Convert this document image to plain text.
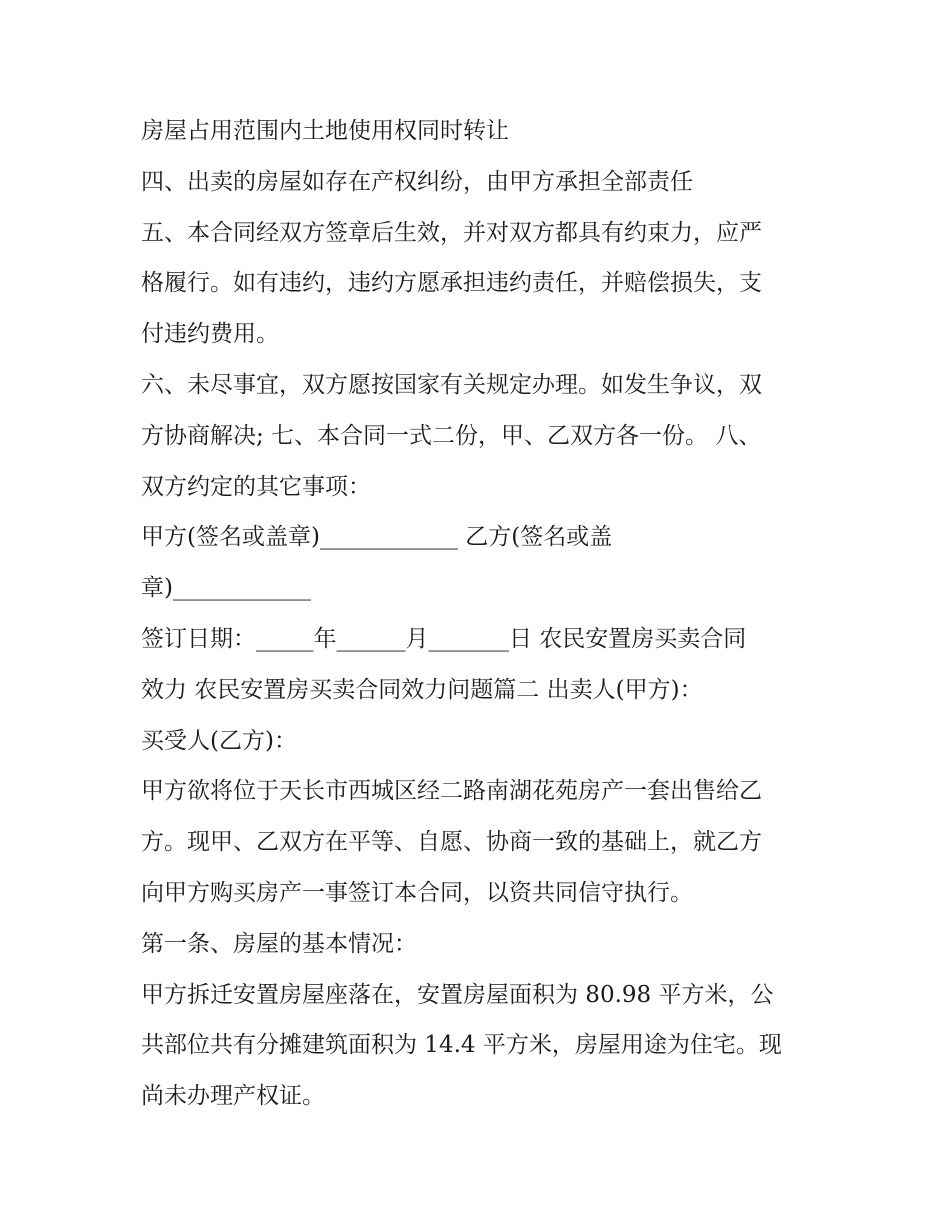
房屋占用范围内土地使用权同时转让
四、出卖的房屋如存在产权纠纷，由甲方承担全部责任
五、本合同经双方签章后生效，并对双方都具有约束力，应严
格履行。如有违约，违约方愿承担违约责任，并赔偿损失，支
付违约费用。
六、未尽事宜，双方愿按国家有关规定办理。如发生争议，双
方协商解决; 七、本合同一式二份，甲、乙双方各一份。 八、
双方约定的其它事项：
甲方(签名或盖章)____________ 乙方(签名或盖
章)____________
签订日期：_____年______月_______日 农民安置房买卖合同
效力 农民安置房买卖合同效力问题篇二 出卖人(甲方)：
买受人(乙方)：
甲方欲将位于天长市西城区经二路南湖花苑房产一套出售给乙
方。现甲、乙双方在平等、自愿、协商一致的基础上，就乙方
向甲方购买房产一事签订本合同，以资共同信守执行。
第一条、房屋的基本情况：
甲方拆迁安置房屋座落在，安置房屋面积为 80.98 平方米，公
共部位共有分摊建筑面积为 14.4 平方米，房屋用途为住宅。现
尚未办理产权证。
